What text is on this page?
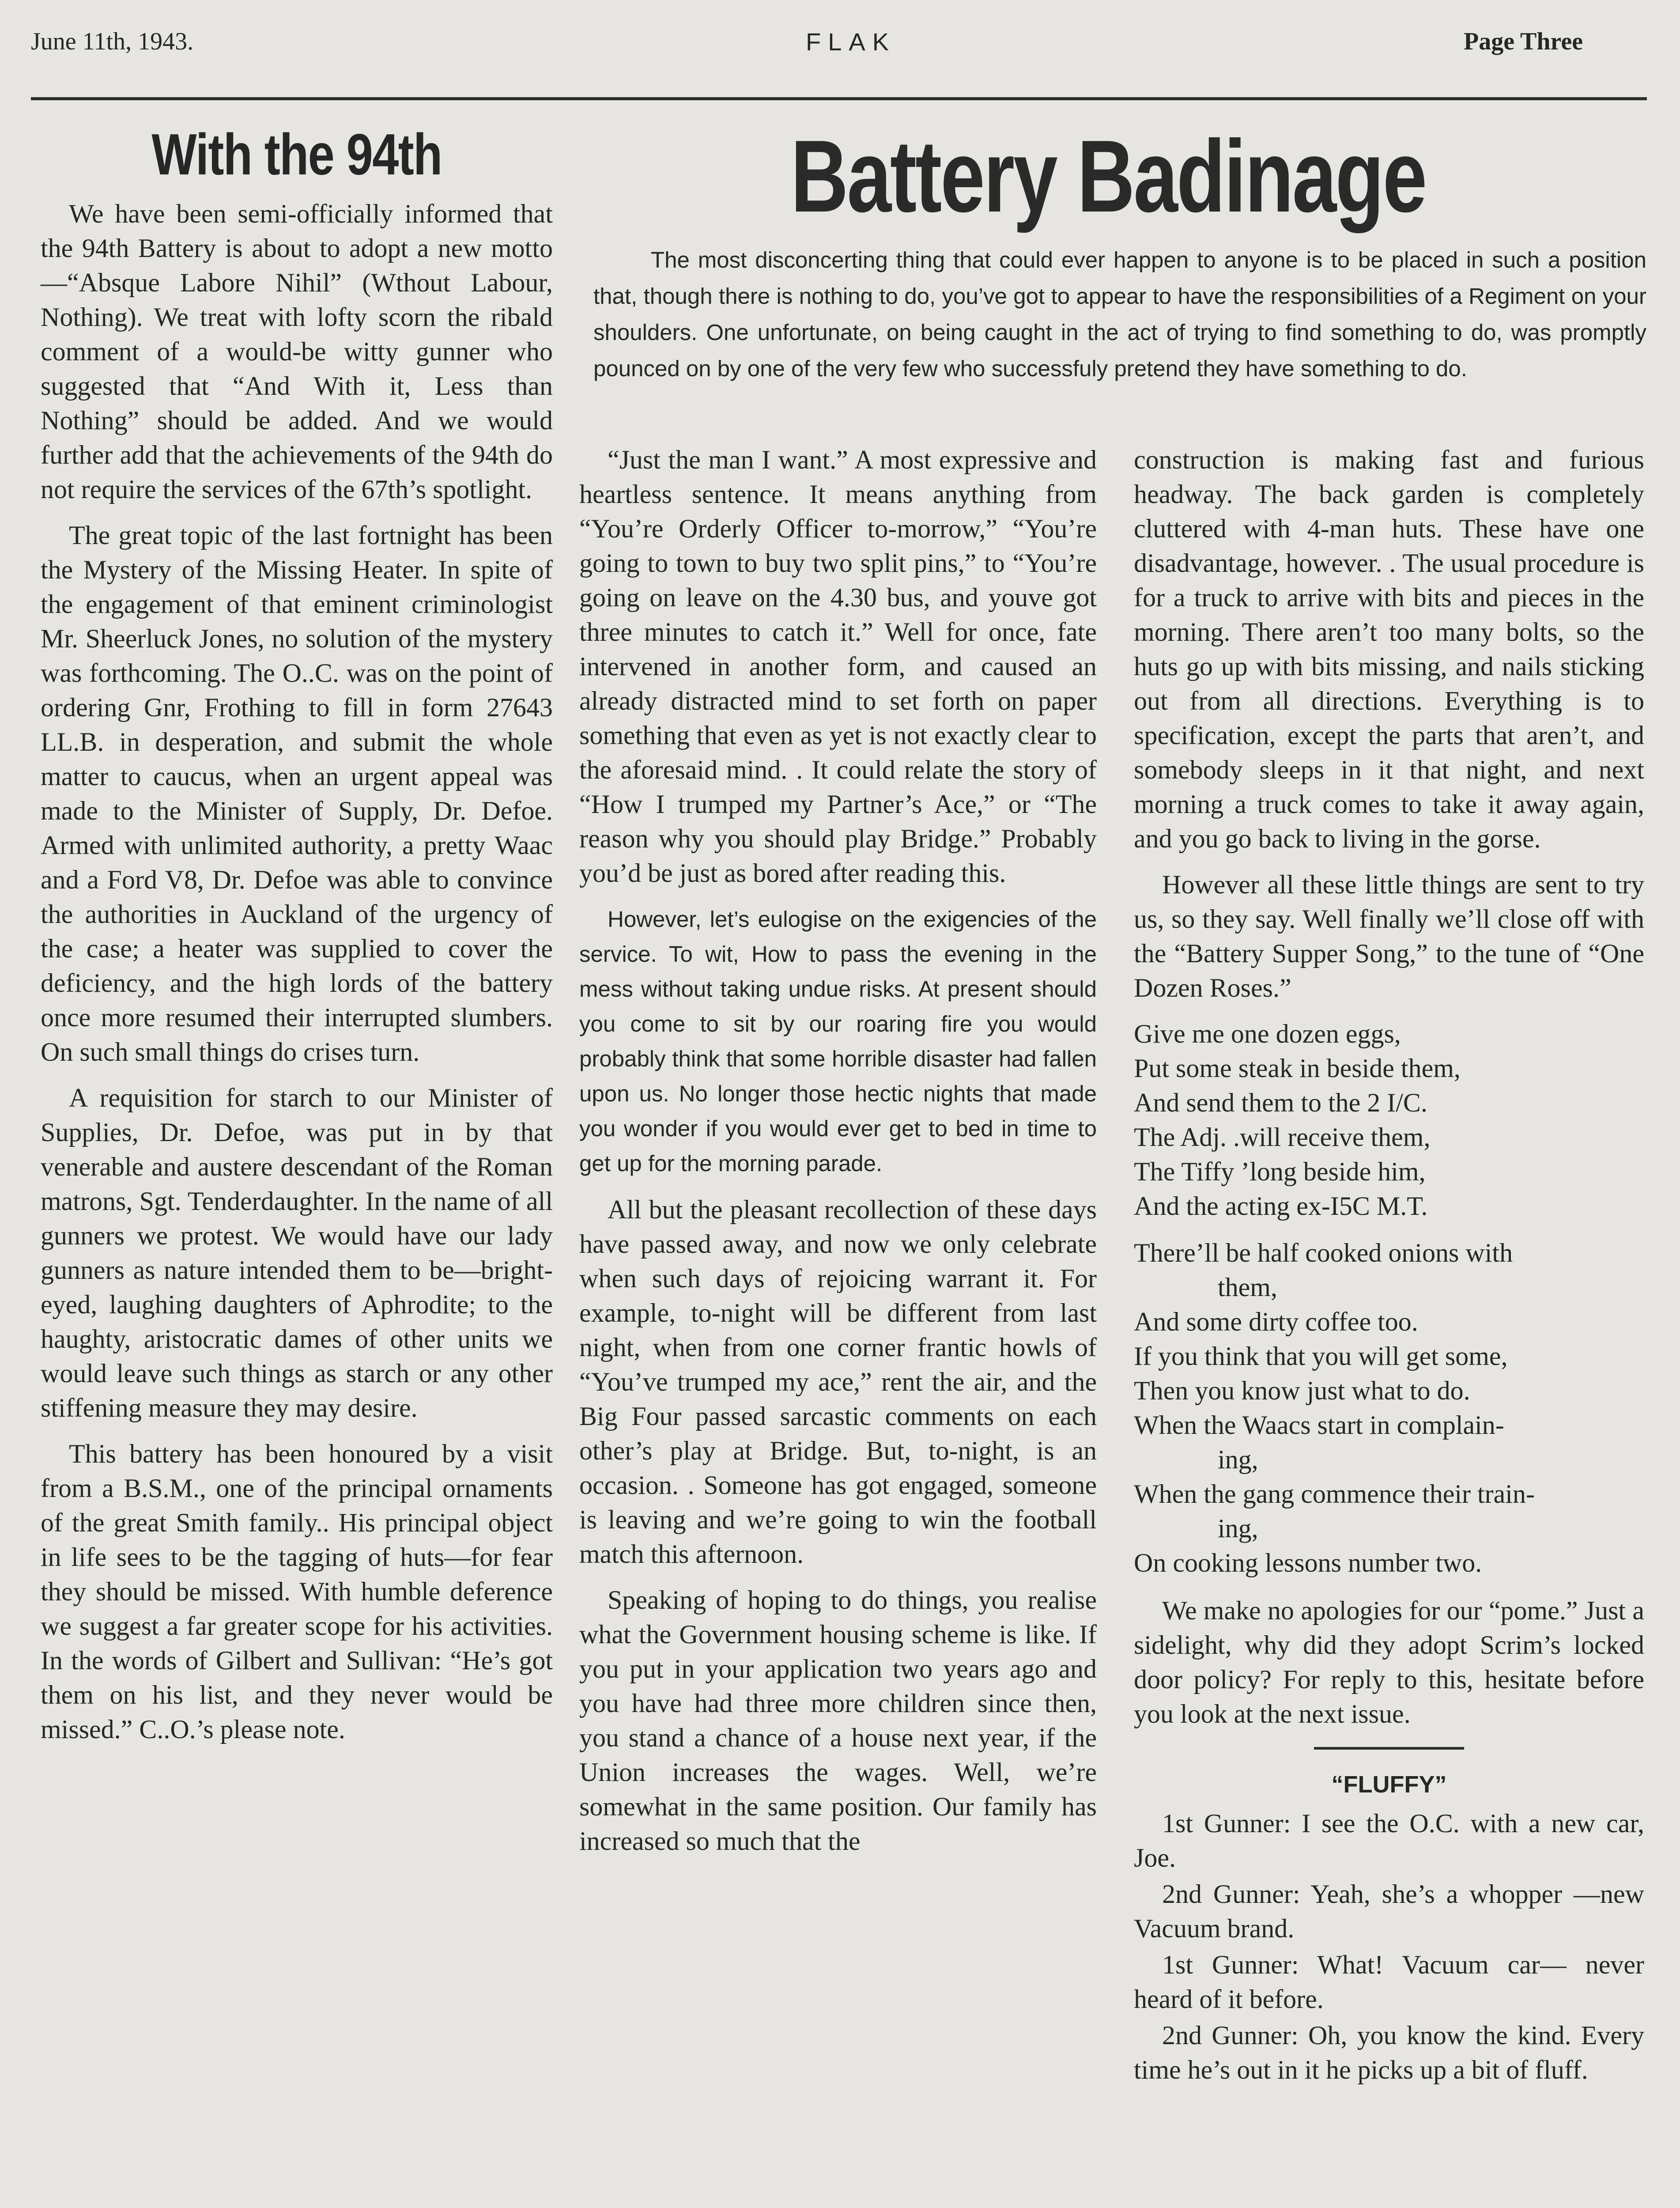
June 11th, 1943.	FLAK	Page Three
With the 94th

We have been semi-officially informed that the 94th Battery is about to adopt a new motto—“Absque Labore Nihil” (Wthout Labour, Nothing). We treat with lofty scorn the ribald comment of a would-be witty gunner who suggested that “And With it, Less than Nothing” should be added. And we would further add that the achievements of the 94th do not require the services of the 67th’s spotlight.

The great topic of the last fortnight has been the Mystery of the Missing Heater. In spite of the engagement of that eminent criminologist Mr. Sheerluck Jones, no solution of the mystery was forthcoming. The O..C. was on the point of ordering Gnr, Frothing to fill in form 27643 LL.B. in desperation, and submit the whole matter to caucus, when an urgent appeal was made to the Minister of Supply, Dr. Defoe. Armed with unlimited authority, a pretty Waac and a Ford V8, Dr. Defoe was able to convince the authorities in Auckland of the urgency of the case; a heater was supplied to cover the deficiency, and the high lords of the battery once more resumed their interrupted slumbers. On such small things do crises turn.

A requisition for starch to our Minister of Supplies, Dr. Defoe, was put in by that venerable and austere descendant of the Roman matrons, Sgt. Tenderdaughter. In the name of all gunners we protest. We would have our lady gunners as nature intended them to be—bright-eyed, laughing daughters of Aphrodite; to the haughty, aristocratic dames of other units we would leave such things as starch or any other stiffening measure they may desire.

This battery has been honoured by a visit from a B.S.M., one of the principal ornaments of the great Smith family.. His principal object in life sees to be the tagging of huts—for fear they should be missed. With humble deference we suggest a far greater scope for his activities. In the words of Gilbert and Sullivan: “He’s got them on his list, and they never would be missed.” C..O.’s please note.

Battery Badinage

The most disconcerting thing that could ever happen to anyone is to be placed in such a position that, though there is nothing to do, you’ve got to appear to have the responsibilities of a Regiment on your shoulders. One unfortunate, on being caught in the act of trying to find something to do, was promptly pounced on by one of the very few who successfuly pretend they have something to do.

“Just the man I want.” A most expressive and heartless sentence. It means anything from “You’re Orderly Officer to-morrow,” “You’re going to town to buy two split pins,” to “You’re going on leave on the 4.30 bus, and youve got three minutes to catch it.” Well for once, fate intervened in another form, and caused an already distracted mind to set forth on paper something that even as yet is not exactly clear to the aforesaid mind. . It could relate the story of “How I trumped my Partner’s Ace,” or “The reason why you should play Bridge.” Probably you’d be just as bored after reading this.

However, let’s eulogise on the exigencies of the service. To wit, How to pass the evening in the mess without taking undue risks. At present should you come to sit by our roaring fire you would probably think that some horrible disaster had fallen upon us. No longer those hectic nights that made you wonder if you would ever get to bed in time to get up for the morning parade.

All but the pleasant recollection of these days have passed away, and now we only celebrate when such days of rejoicing warrant it. For example, to-night will be different from last night, when from one corner frantic howls of “You’ve trumped my ace,” rent the air, and the Big Four passed sarcastic comments on each other’s play at Bridge. But, to-night, is an occasion. . Someone has got engaged, someone is leaving and we’re going to win the football match this afternoon.

Speaking of hoping to do things, you realise what the Government housing scheme is like. If you put in your application two years ago and you have had three more children since then, you stand a chance of a house next year, if the Union increases the wages. Well, we’re somewhat in the same position. Our family has increased so much that the

construction is making fast and furious headway. The back garden is completely cluttered with 4-man huts. These have one disadvantage, however. . The usual procedure is for a truck to arrive with bits and pieces in the morning. There aren’t too many bolts, so the huts go up with bits missing, and nails sticking out from all directions. Everything is to specification, except the parts that aren’t, and somebody sleeps in it that night, and next morning a truck comes to take it away again, and you go back to living in the gorse.

However all these little things are sent to try us, so they say. Well finally we’ll close off with the “Battery Supper Song,” to the tune of “One Dozen Roses.”

Give me one dozen eggs,
Put some steak in beside them,
And send them to the 2 I/C.
The Adj. .will receive them,
The Tiffy ’long beside him,
And the acting ex-I5C M.T.
There’ll be half cooked onions with
them,
And some dirty coffee too.
If you think that you will get some,
Then you know just what to do.
When the Waacs start in complain-
ing,
When the gang commence their train-
ing,
On cooking lessons number two.

We make no apologies for our “pome.” Just a sidelight, why did they adopt Scrim’s locked door policy? For reply to this, hesitate before you look at the next issue.

“FLUFFY”

1st Gunner: I see the O.C. with a new car, Joe.

2nd Gunner: Yeah, she’s a whopper —new Vacuum brand.

1st Gunner: What! Vacuum car— never heard of it before.

2nd Gunner: Oh, you know the kind. Every time he’s out in it he picks up a bit of fluff.
